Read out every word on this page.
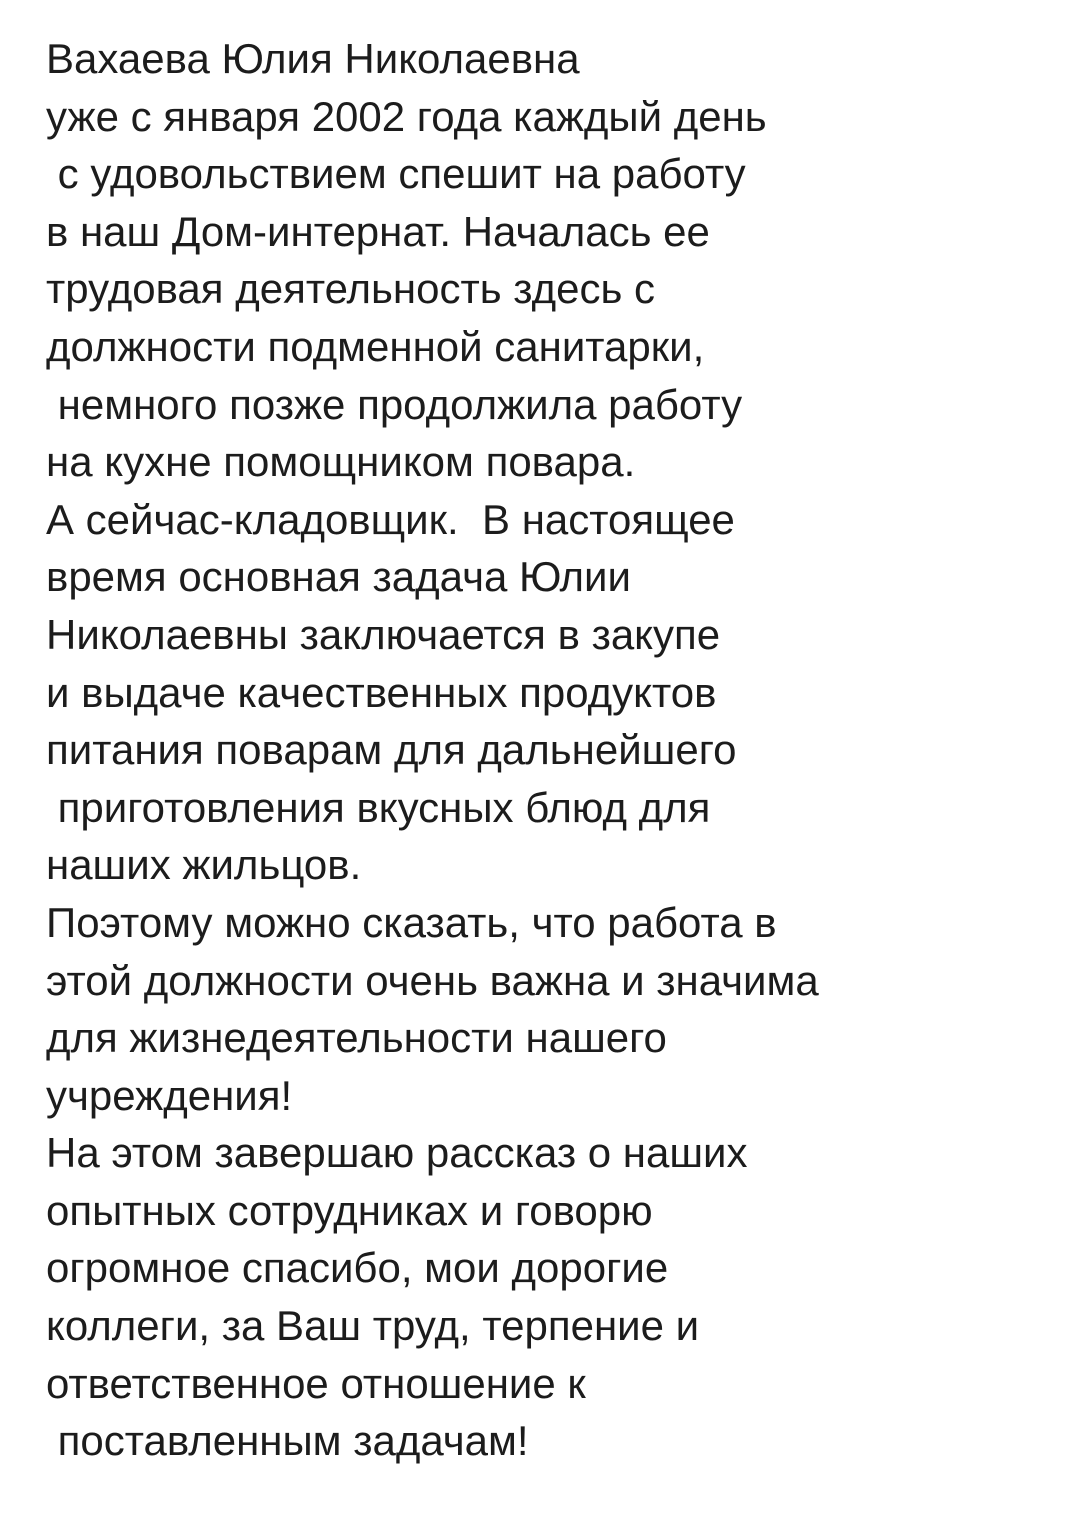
Вахаева Юлия Николаевна
уже с января 2002 года каждый день
с удовольствием спешит на работу
в наш Дом-интернат. Началась ее
трудовая деятельность здесь с
должности подменной санитарки,
немного позже продолжила работу
на кухне помощником повара.
А сейчас-кладовщик.  В настоящее
время основная задача Юлии
Николаевны заключается в закупе
и выдаче качественных продуктов
питания поварам для дальнейшего
приготовления вкусных блюд для
наших жильцов.
Поэтому можно сказать, что работа в
этой должности очень важна и значима
для жизнедеятельности нашего
учреждения!
На этом завершаю рассказ о наших
опытных сотрудниках и говорю
огромное спасибо, мои дорогие
коллеги, за Ваш труд, терпение и
ответственное отношение к
поставленным задачам!
